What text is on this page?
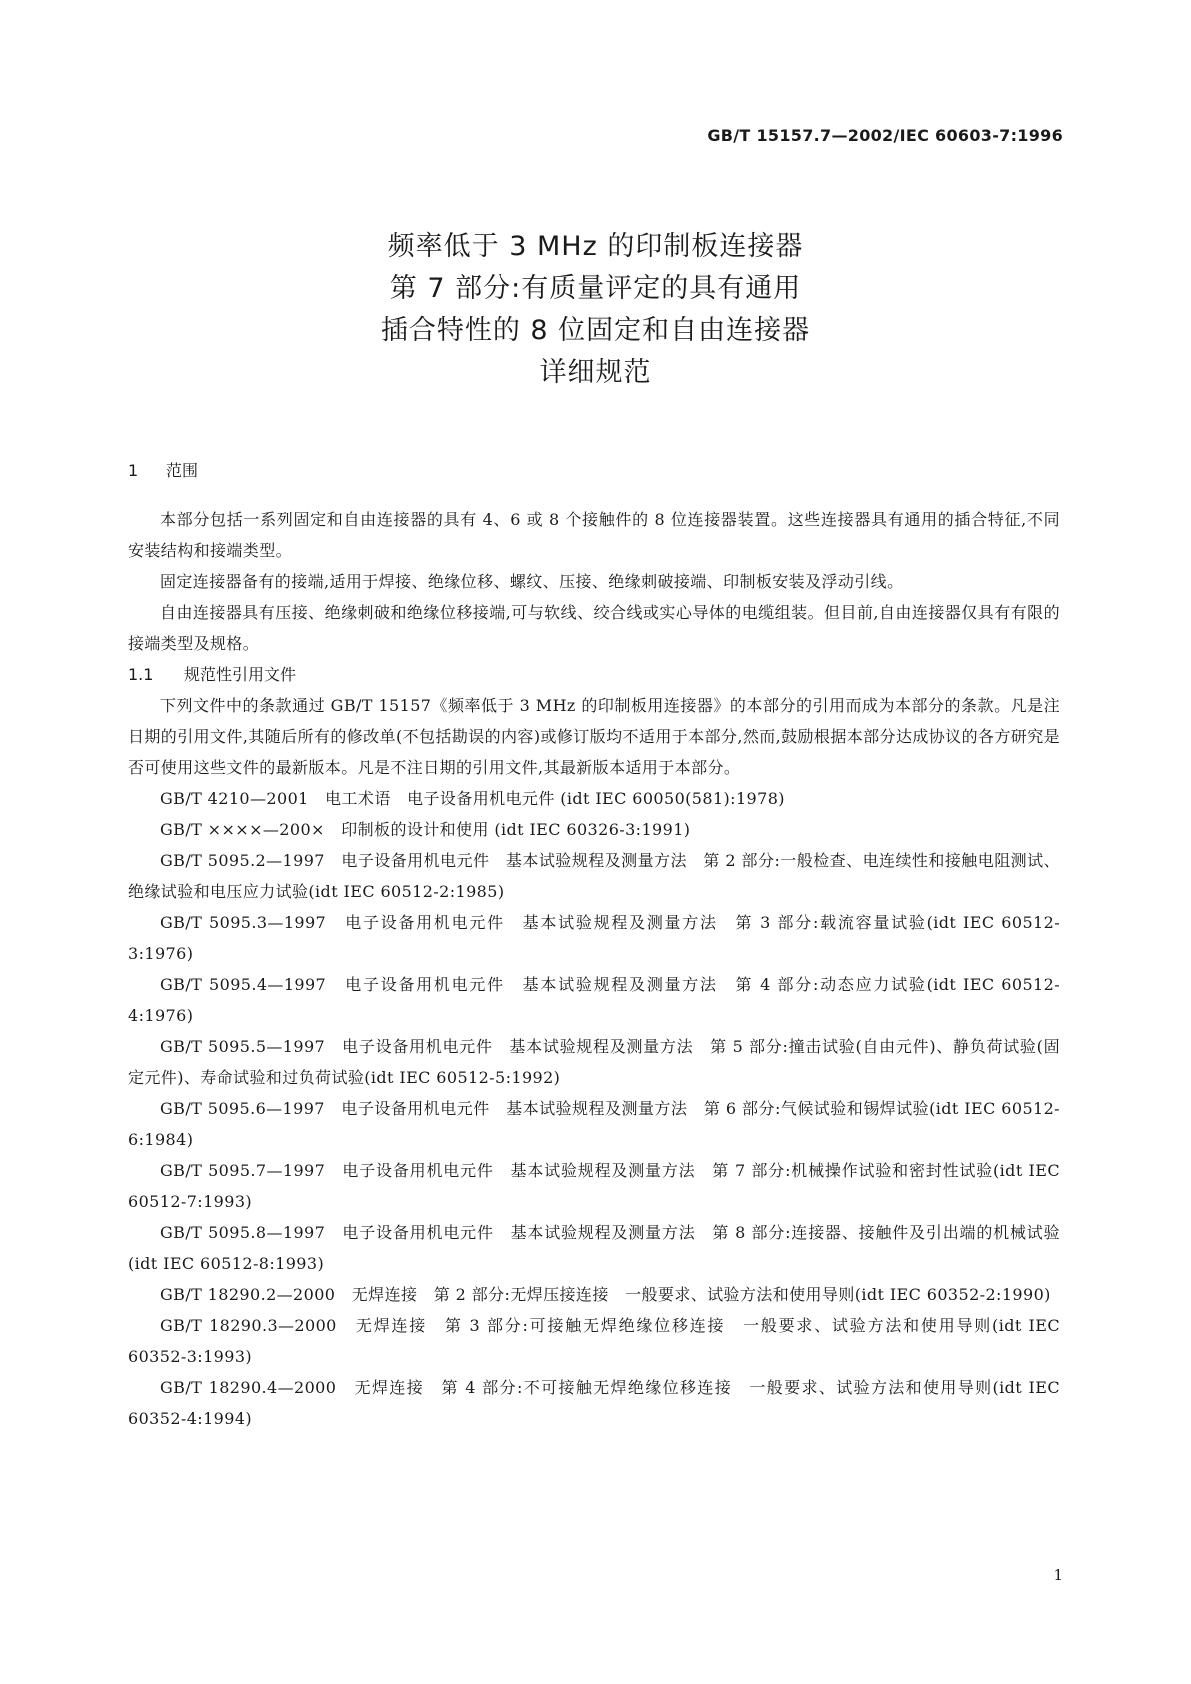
GB/T 15157.7—2002/IEC 60603-7:1996
频率低于 3 MHz 的印制板连接器
第 7 部分:有质量评定的具有通用
插合特性的 8 位固定和自由连接器
详细规范
1 范围

本部分包括一系列固定和自由连接器的具有 4、6 或 8 个接触件的 8 位连接器装置。这些连接器具有通用的插合特征,不同安装结构和接端类型。

固定连接器备有的接端,适用于焊接、绝缘位移、螺纹、压接、绝缘刺破接端、印制板安装及浮动引线。

自由连接器具有压接、绝缘刺破和绝缘位移接端,可与软线、绞合线或实心导体的电缆组装。但目前,自由连接器仅具有有限的接端类型及规格。

1.1 规范性引用文件

下列文件中的条款通过 GB/T 15157《频率低于 3 MHz 的印制板用连接器》的本部分的引用而成为本部分的条款。凡是注日期的引用文件,其随后所有的修改单(不包括勘误的内容)或修订版均不适用于本部分,然而,鼓励根据本部分达成协议的各方研究是否可使用这些文件的最新版本。凡是不注日期的引用文件,其最新版本适用于本部分。

GB/T 4210—2001　电工术语　电子设备用机电元件 (idt IEC 60050(581):1978)

GB/T ××××—200×　印制板的设计和使用 (idt IEC 60326-3:1991)

GB/T 5095.2—1997　电子设备用机电元件　基本试验规程及测量方法　第 2 部分:一般检查、电连续性和接触电阻测试、绝缘试验和电压应力试验(idt IEC 60512-2:1985)

GB/T 5095.3—1997　电子设备用机电元件　基本试验规程及测量方法　第 3 部分:载流容量试验(idt IEC 60512-3:1976)

GB/T 5095.4—1997　电子设备用机电元件　基本试验规程及测量方法　第 4 部分:动态应力试验(idt IEC 60512-4:1976)

GB/T 5095.5—1997　电子设备用机电元件　基本试验规程及测量方法　第 5 部分:撞击试验(自由元件)、静负荷试验(固定元件)、寿命试验和过负荷试验(idt IEC 60512-5:1992)

GB/T 5095.6—1997　电子设备用机电元件　基本试验规程及测量方法　第 6 部分:气候试验和锡焊试验(idt IEC 60512-6:1984)

GB/T 5095.7—1997　电子设备用机电元件　基本试验规程及测量方法　第 7 部分:机械操作试验和密封性试验(idt IEC 60512-7:1993)

GB/T 5095.8—1997　电子设备用机电元件　基本试验规程及测量方法　第 8 部分:连接器、接触件及引出端的机械试验(idt IEC 60512-8:1993)

GB/T 18290.2—2000　无焊连接　第 2 部分:无焊压接连接　一般要求、试验方法和使用导则(idt IEC 60352-2:1990)

GB/T 18290.3—2000　无焊连接　第 3 部分:可接触无焊绝缘位移连接　一般要求、试验方法和使用导则(idt IEC 60352-3:1993)

GB/T 18290.4—2000　无焊连接　第 4 部分:不可接触无焊绝缘位移连接　一般要求、试验方法和使用导则(idt IEC 60352-4:1994)

1
